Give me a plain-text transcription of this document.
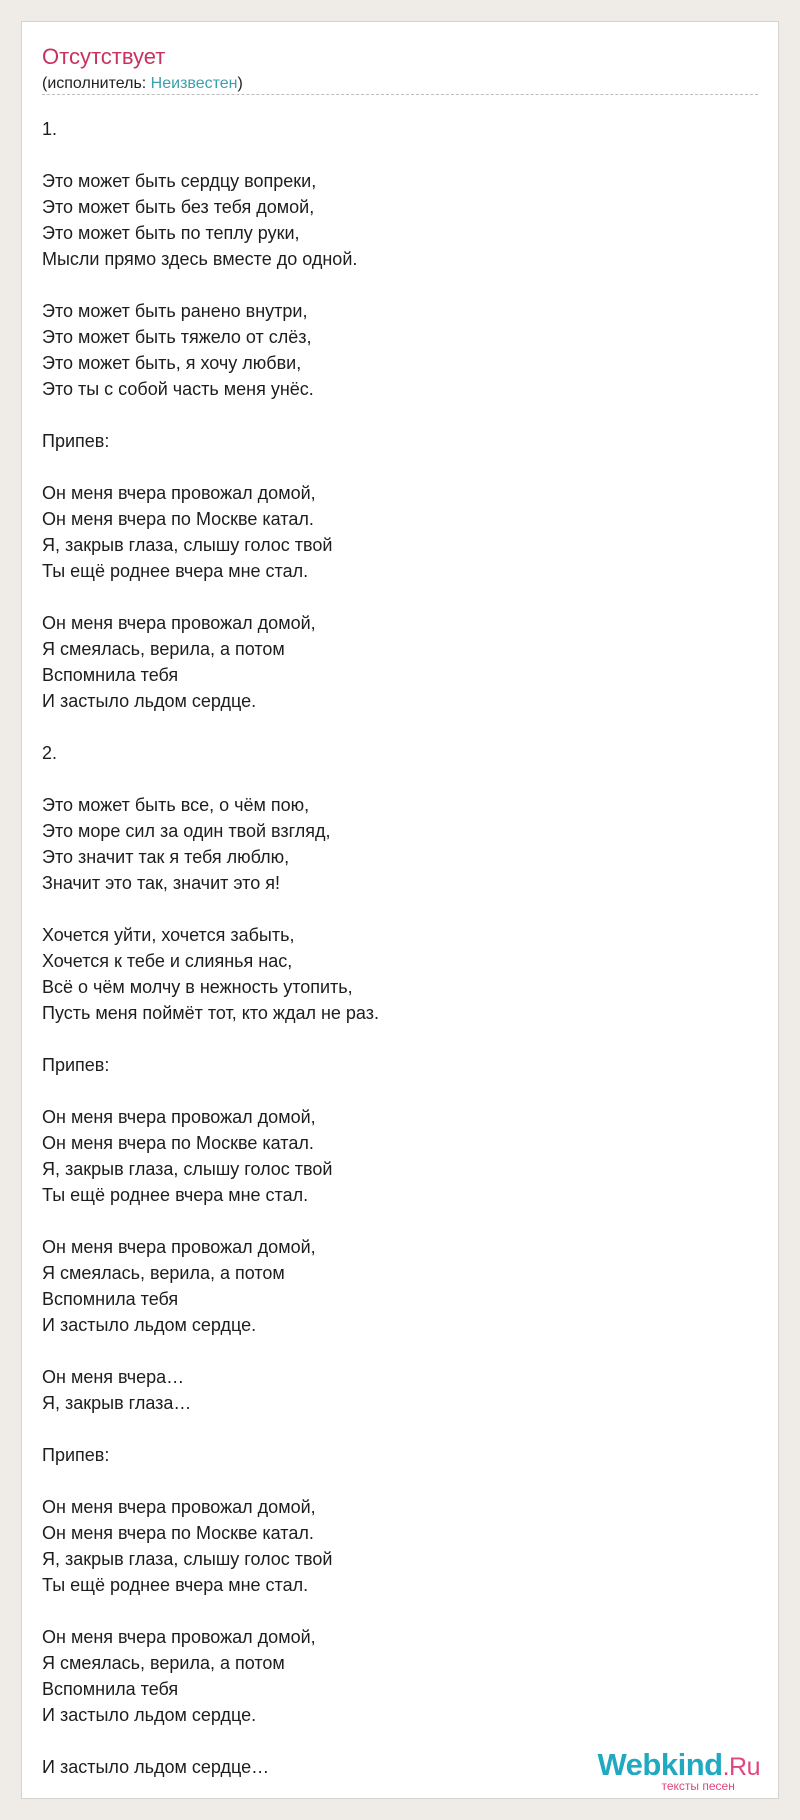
Отсутствует
(исполнитель: Неизвестен)
1.
Это может быть сердцу вопреки,
Это может быть без тебя домой,
Это может быть по теплу руки,
Мысли прямо здесь вместе до одной.
Это может быть ранено внутри,
Это может быть тяжело от слёз,
Это может быть, я хочу любви,
Это ты с собой часть меня унёс.
Припев:
Он меня вчера провожал домой,
Он меня вчера по Москве катал.
Я, закрыв глаза, слышу голос твой
Ты ещё роднее вчера мне стал.
Он меня вчера провожал домой,
Я смеялась, верила, а потом
Вспомнила тебя
И застыло льдом сердце.
2.
Это может быть все, о чём пою,
Это море сил за один твой взгляд,
Это значит так я тебя люблю,
Значит это так, значит это я!
Хочется уйти, хочется забыть,
Хочется к тебе и слиянья нас,
Всё о чём молчу в нежность утопить,
Пусть меня поймёт тот, кто ждал не раз.
Припев:
Он меня вчера провожал домой,
Он меня вчера по Москве катал.
Я, закрыв глаза, слышу голос твой
Ты ещё роднее вчера мне стал.
Он меня вчера провожал домой,
Я смеялась, верила, а потом
Вспомнила тебя
И застыло льдом сердце.
Он меня вчера…
Я, закрыв глаза…
Припев:
Он меня вчера провожал домой,
Он меня вчера по Москве катал.
Я, закрыв глаза, слышу голос твой
Ты ещё роднее вчера мне стал.
Он меня вчера провожал домой,
Я смеялась, верила, а потом
Вспомнила тебя
И застыло льдом сердце.
И застыло льдом сердце…	Webkind.Ru
тексты песен
